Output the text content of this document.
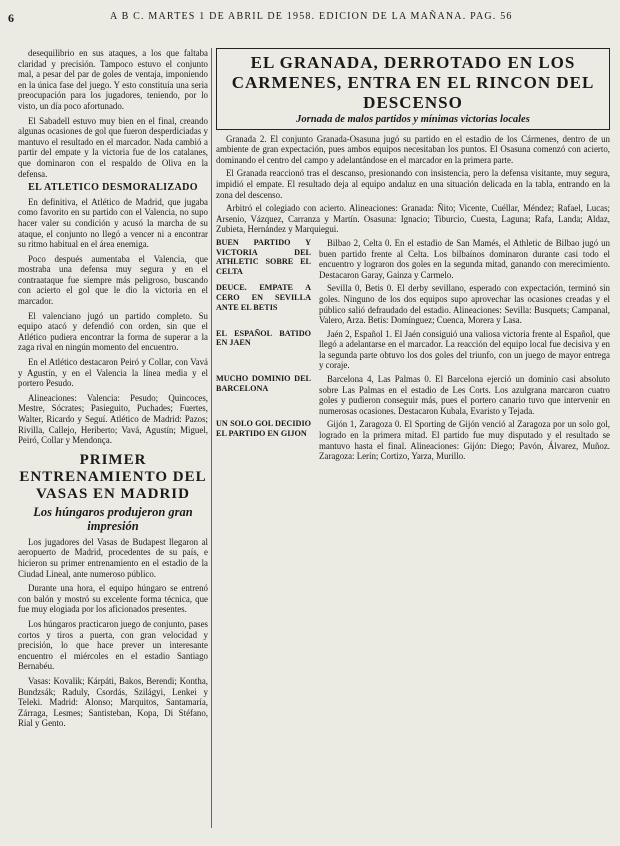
6	A B C. MARTES 1 DE ABRIL DE 1958. EDICION DE LA MAÑANA. PAG. 56

desequilibrio en sus ataques, a los que faltaba claridad y precisión. Tampoco estuvo el conjunto mal, a pesar del par de goles de ventaja, imponiendo en la única fase del juego. Y esto constituía una seria preocupación para los jugadores, teniendo, por lo visto, un día poco afortunado.

El Sabadell estuvo muy bien en el final, creando algunas ocasiones de gol que fueron desperdiciadas y mantuvo el resultado en el marcador. Nada cambió a partir del empate y la victoria fue de los catalanes, que dominaron con el respaldo de Oliva en la defensa.

EL ATLETICO DESMORALIZADO

En definitiva, el Atlético de Madrid, que jugaba como favorito en su partido con el Valencia, no supo hacer valer su condición y acusó la marcha de su ataque, el conjunto no llegó a vencer ni a encontrar su ritmo habitual en el área enemiga.

Poco después aumentaba el Valencia, que mostraba una defensa muy segura y en el contraataque fue siempre más peligroso, buscando con acierto el gol que le dio la victoria en el marcador.

El valenciano jugó un partido completo. Su equipo atacó y defendió con orden, sin que el Atlético pudiera encontrar la forma de superar a la zaga rival en ningún momento del encuentro.

En el Atlético destacaron Peiró y Collar, con Vavá y Agustín, y en el Valencia la línea media y el portero Pesudo.

Alineaciones: Valencia: Pesudo; Quincoces, Mestre, Sócrates; Pasieguito, Puchades; Fuertes, Walter, Ricardo y Seguí. Atlético de Madrid: Pazos; Rivilla, Callejo, Heriberto; Vavá, Agustín; Miguel, Peiró, Collar y Mendonça.

PRIMER ENTRENAMIENTO DEL VASAS EN MADRID
Los húngaros produjeron gran impresión

Los jugadores del Vasas de Budapest llegaron al aeropuerto de Madrid, procedentes de su país, e hicieron su primer entrenamiento en el estadio de la Ciudad Lineal, ante numeroso público.

Durante una hora, el equipo húngaro se entrenó con balón y mostró su excelente forma técnica, que fue muy elogiada por los aficionados presentes.

Los húngaros practicaron juego de conjunto, pases cortos y tiros a puerta, con gran velocidad y precisión, lo que hace prever un interesante encuentro el miércoles en el estadio Santiago Bernabéu.

Vasas: Kovalik; Kárpáti, Bakos, Berendi; Kontha, Bundzsák; Raduly, Csordás, Szilágyi, Lenkei y Teleki. Madrid: Alonso; Marquitos, Santamaría, Zárraga, Lesmes; Santisteban, Kopa, Di Stéfano, Rial y Gento.

EL GRANADA, DERROTADO EN LOS CARMENES, ENTRA EN EL RINCON DEL DESCENSO
Jornada de malos partidos y mínimas victorias locales

Granada 2. El conjunto Granada-Osasuna jugó su partido en el estadio de los Cármenes, dentro de un ambiente de gran expectación, pues ambos equipos necesitaban los puntos. El Osasuna comenzó con acierto, dominando el centro del campo y adelantándose en el marcador en la primera parte.

El Granada reaccionó tras el descanso, presionando con insistencia, pero la defensa visitante, muy segura, impidió el empate. El resultado deja al equipo andaluz en una situación delicada en la tabla, entrando en la zona del descenso.

Arbitró el colegiado con acierto. Alineaciones: Granada: Ñito; Vicente, Cuéllar, Méndez; Rafael, Lucas; Arsenio, Vázquez, Carranza y Martín. Osasuna: Ignacio; Tiburcio, Cuesta, Laguna; Rafa, Landa; Aldaz, Zubieta, Hernández y Marquiegui.

BUEN PARTIDO Y VICTORIA DEL ATHLETIC SOBRE EL CELTA
Bilbao 2, Celta 0. En el estadio de San Mamés, el Athletic de Bilbao jugó un buen partido frente al Celta. Los bilbaínos dominaron durante casi todo el encuentro y lograron dos goles en la segunda mitad, ganando con merecimiento. Destacaron Garay, Gainza y Carmelo.
DEUCE. EMPATE A CERO EN SEVILLA ANTE EL BETIS
Sevilla 0, Betis 0. El derby sevillano, esperado con expectación, terminó sin goles. Ninguno de los dos equipos supo aprovechar las ocasiones creadas y el público salió defraudado del estadio. Alineaciones: Sevilla: Busquets; Campanal, Valero, Arza. Betis: Domínguez; Cuenca, Morera y Lasa.
EL ESPAÑOL BATIDO EN JAEN
Jaén 2, Español 1. El Jaén consiguió una valiosa victoria frente al Español, que llegó a adelantarse en el marcador. La reacción del equipo local fue decisiva y en la segunda parte obtuvo los dos goles del triunfo, con un juego de mayor entrega y coraje.
MUCHO DOMINIO DEL BARCELONA
Barcelona 4, Las Palmas 0. El Barcelona ejerció un dominio casi absoluto sobre Las Palmas en el estadio de Les Corts. Los azulgrana marcaron cuatro goles y pudieron conseguir más, pues el portero canario tuvo que intervenir en numerosas ocasiones. Destacaron Kubala, Evaristo y Tejada.
UN SOLO GOL DECIDIO EL PARTIDO EN GIJON
Gijón 1, Zaragoza 0. El Sporting de Gijón venció al Zaragoza por un solo gol, logrado en la primera mitad. El partido fue muy disputado y el resultado se mantuvo hasta el final. Alineaciones: Gijón: Diego; Pavón, Álvarez, Muñoz. Zaragoza: Lerín; Cortizo, Yarza, Murillo.
